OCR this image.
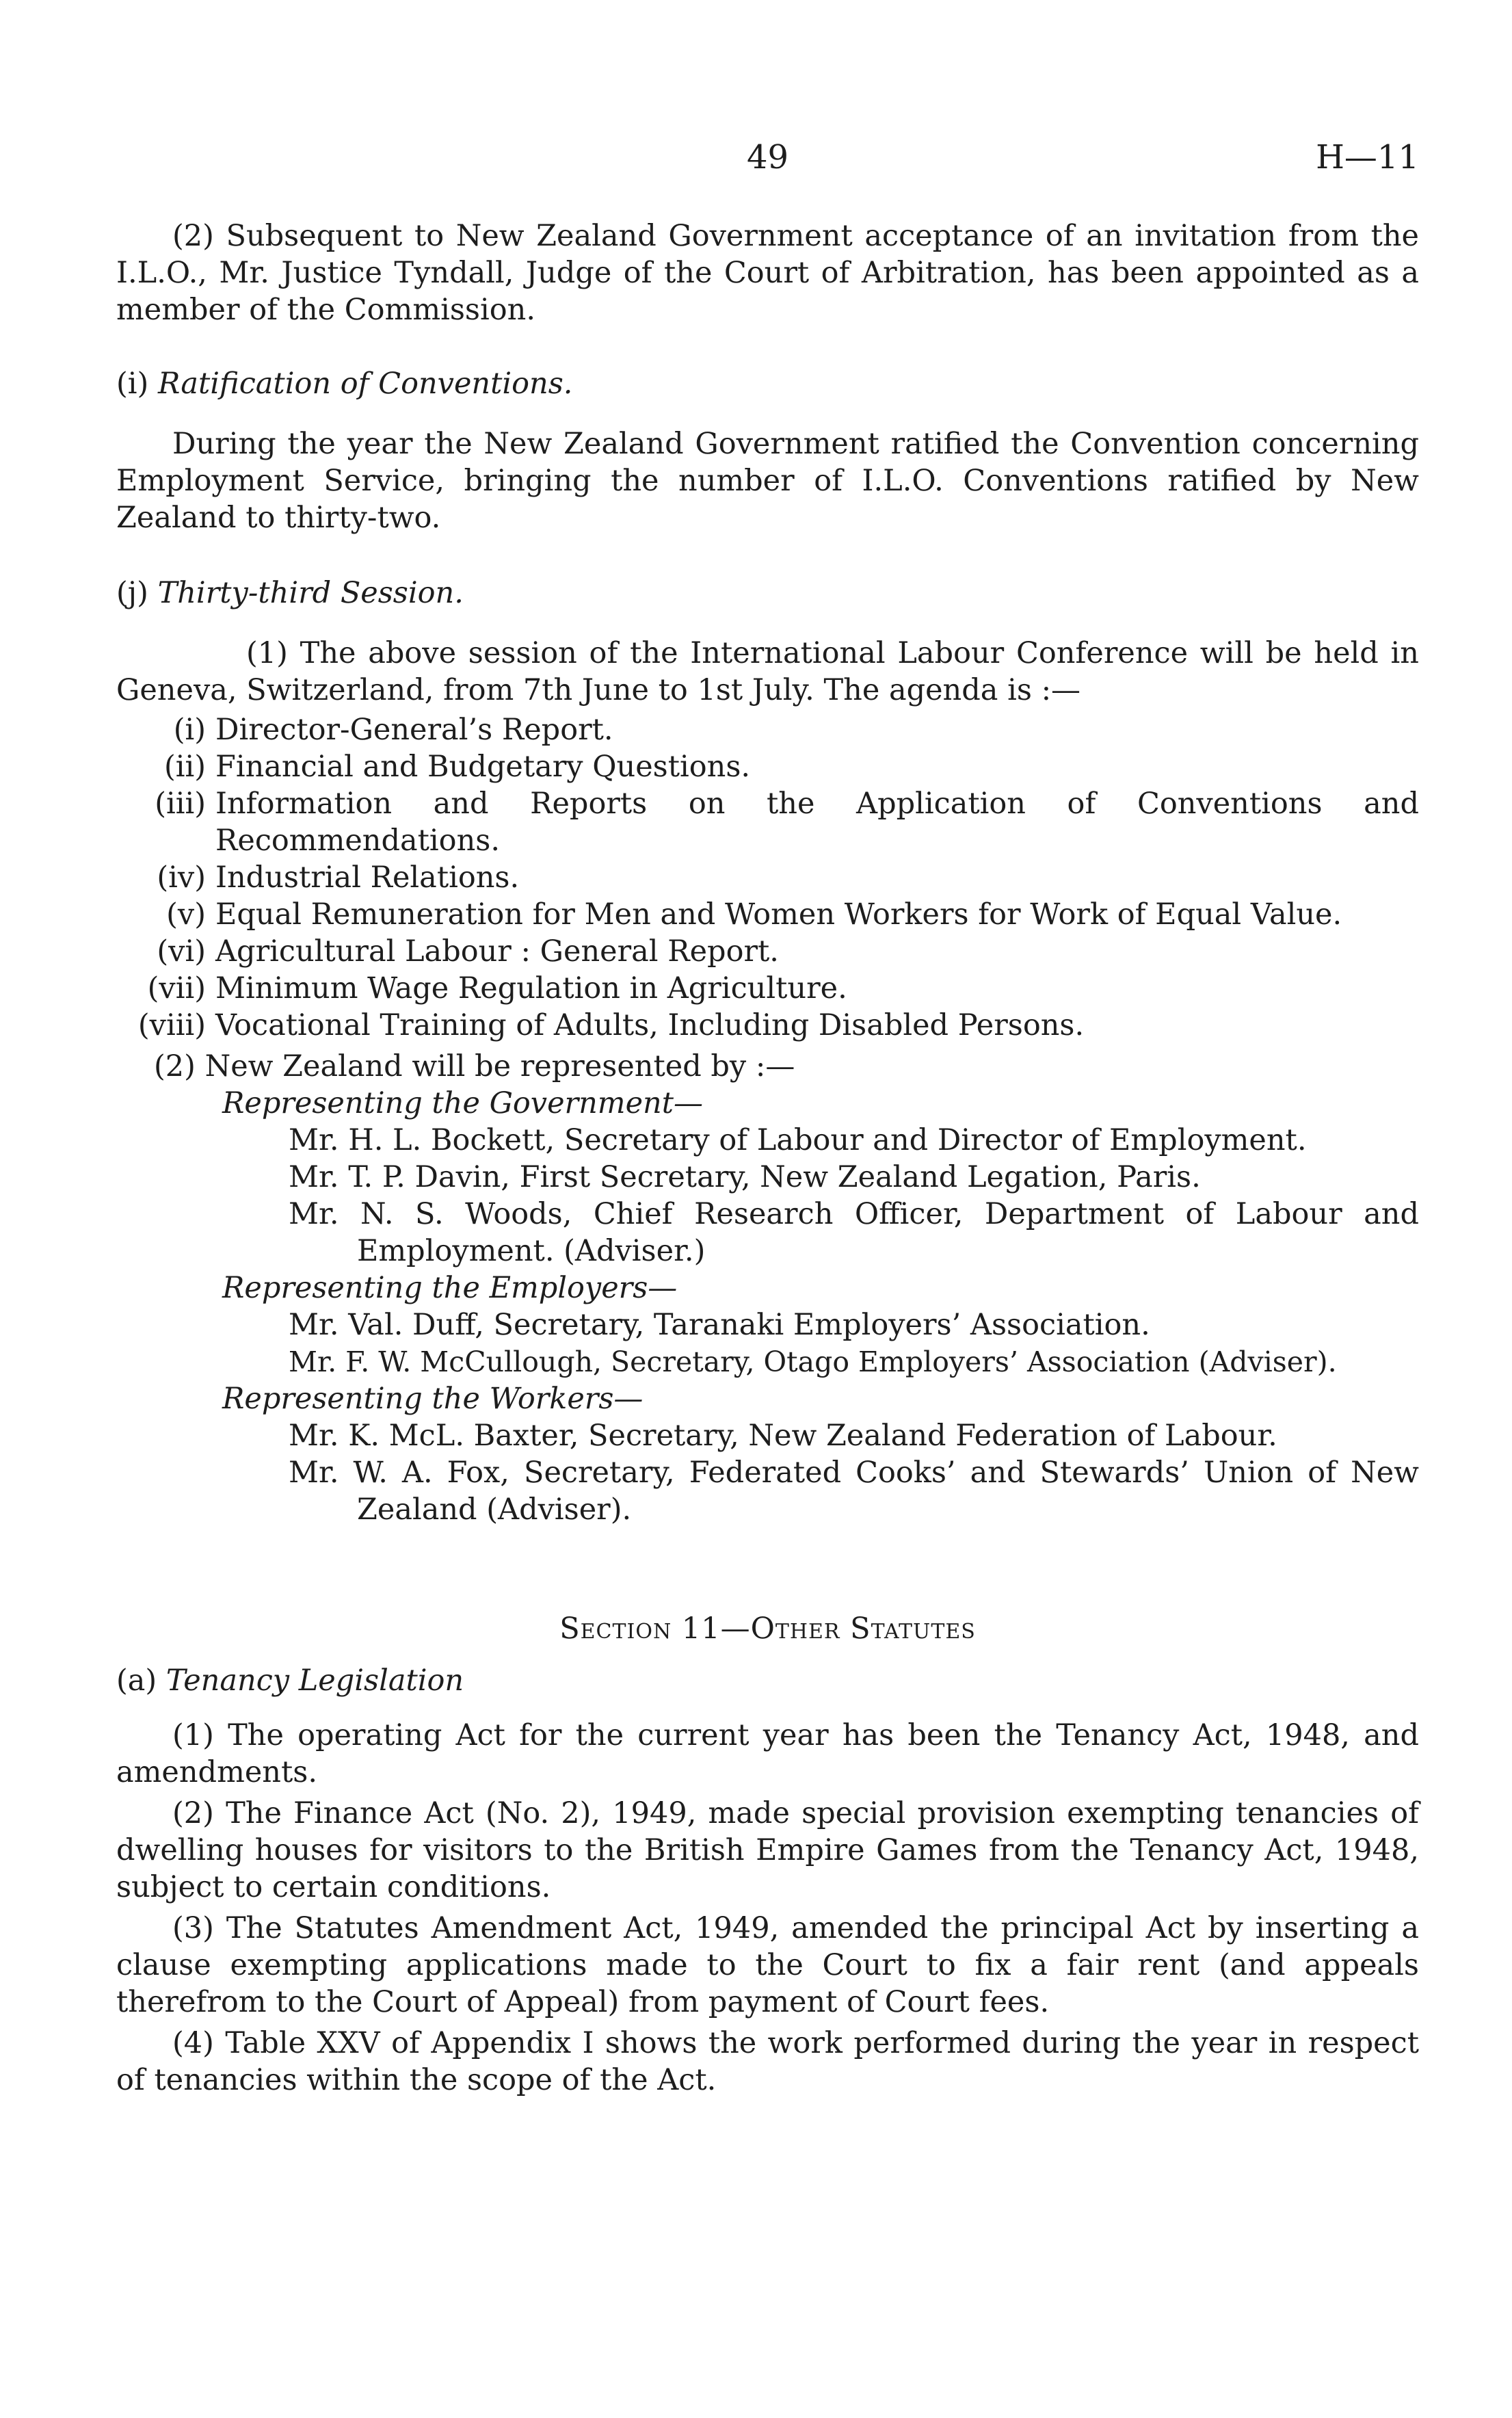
49	H—11

(2) Subsequent to New Zealand Government acceptance of an invitation from the I.L.O., Mr. Justice Tyndall, Judge of the Court of Arbitration, has been appointed as a member of the Commission.

(i) Ratification of Conventions.

During the year the New Zealand Government ratified the Convention concerning Employment Service, bringing the number of I.L.O. Conventions ratified by New Zealand to thirty-two.

(j) Thirty-third Session.

(1) The above session of the International Labour Conference will be held in Geneva, Switzerland, from 7th June to 1st July. The agenda is :—

(i) Director-General’s Report.
(ii) Financial and Budgetary Questions.
(iii) Information and Reports on the Application of Conventions and Recommendations.
(iv) Industrial Relations.
(v) Equal Remuneration for Men and Women Workers for Work of Equal Value.
(vi) Agricultural Labour : General Report.
(vii) Minimum Wage Regulation in Agriculture.
(viii) Vocational Training of Adults, Including Disabled Persons.

(2) New Zealand will be represented by :—

Representing the Government—

Mr. H. L. Bockett, Secretary of Labour and Director of Employment.

Mr. T. P. Davin, First Secretary, New Zealand Legation, Paris.

Mr. N. S. Woods, Chief Research Officer, Department of Labour and Employment. (Adviser.)

Representing the Employers—

Mr. Val. Duff, Secretary, Taranaki Employers’ Association.

Mr. F. W. McCullough, Secretary, Otago Employers’ Association (Adviser).

Representing the Workers—

Mr. K. McL. Baxter, Secretary, New Zealand Federation of Labour.

Mr. W. A. Fox, Secretary, Federated Cooks’ and Stewards’ Union of New Zealand (Adviser).

Section 11—Other Statutes

(a) Tenancy Legislation

(1) The operating Act for the current year has been the Tenancy Act, 1948, and amendments.

(2) The Finance Act (No. 2), 1949, made special provision exempting tenancies of dwelling houses for visitors to the British Empire Games from the Tenancy Act, 1948, subject to certain conditions.

(3) The Statutes Amendment Act, 1949, amended the principal Act by inserting a clause exempting applications made to the Court to fix a fair rent (and appeals therefrom to the Court of Appeal) from payment of Court fees.

(4) Table XXV of Appendix I shows the work performed during the year in respect of tenancies within the scope of the Act.
